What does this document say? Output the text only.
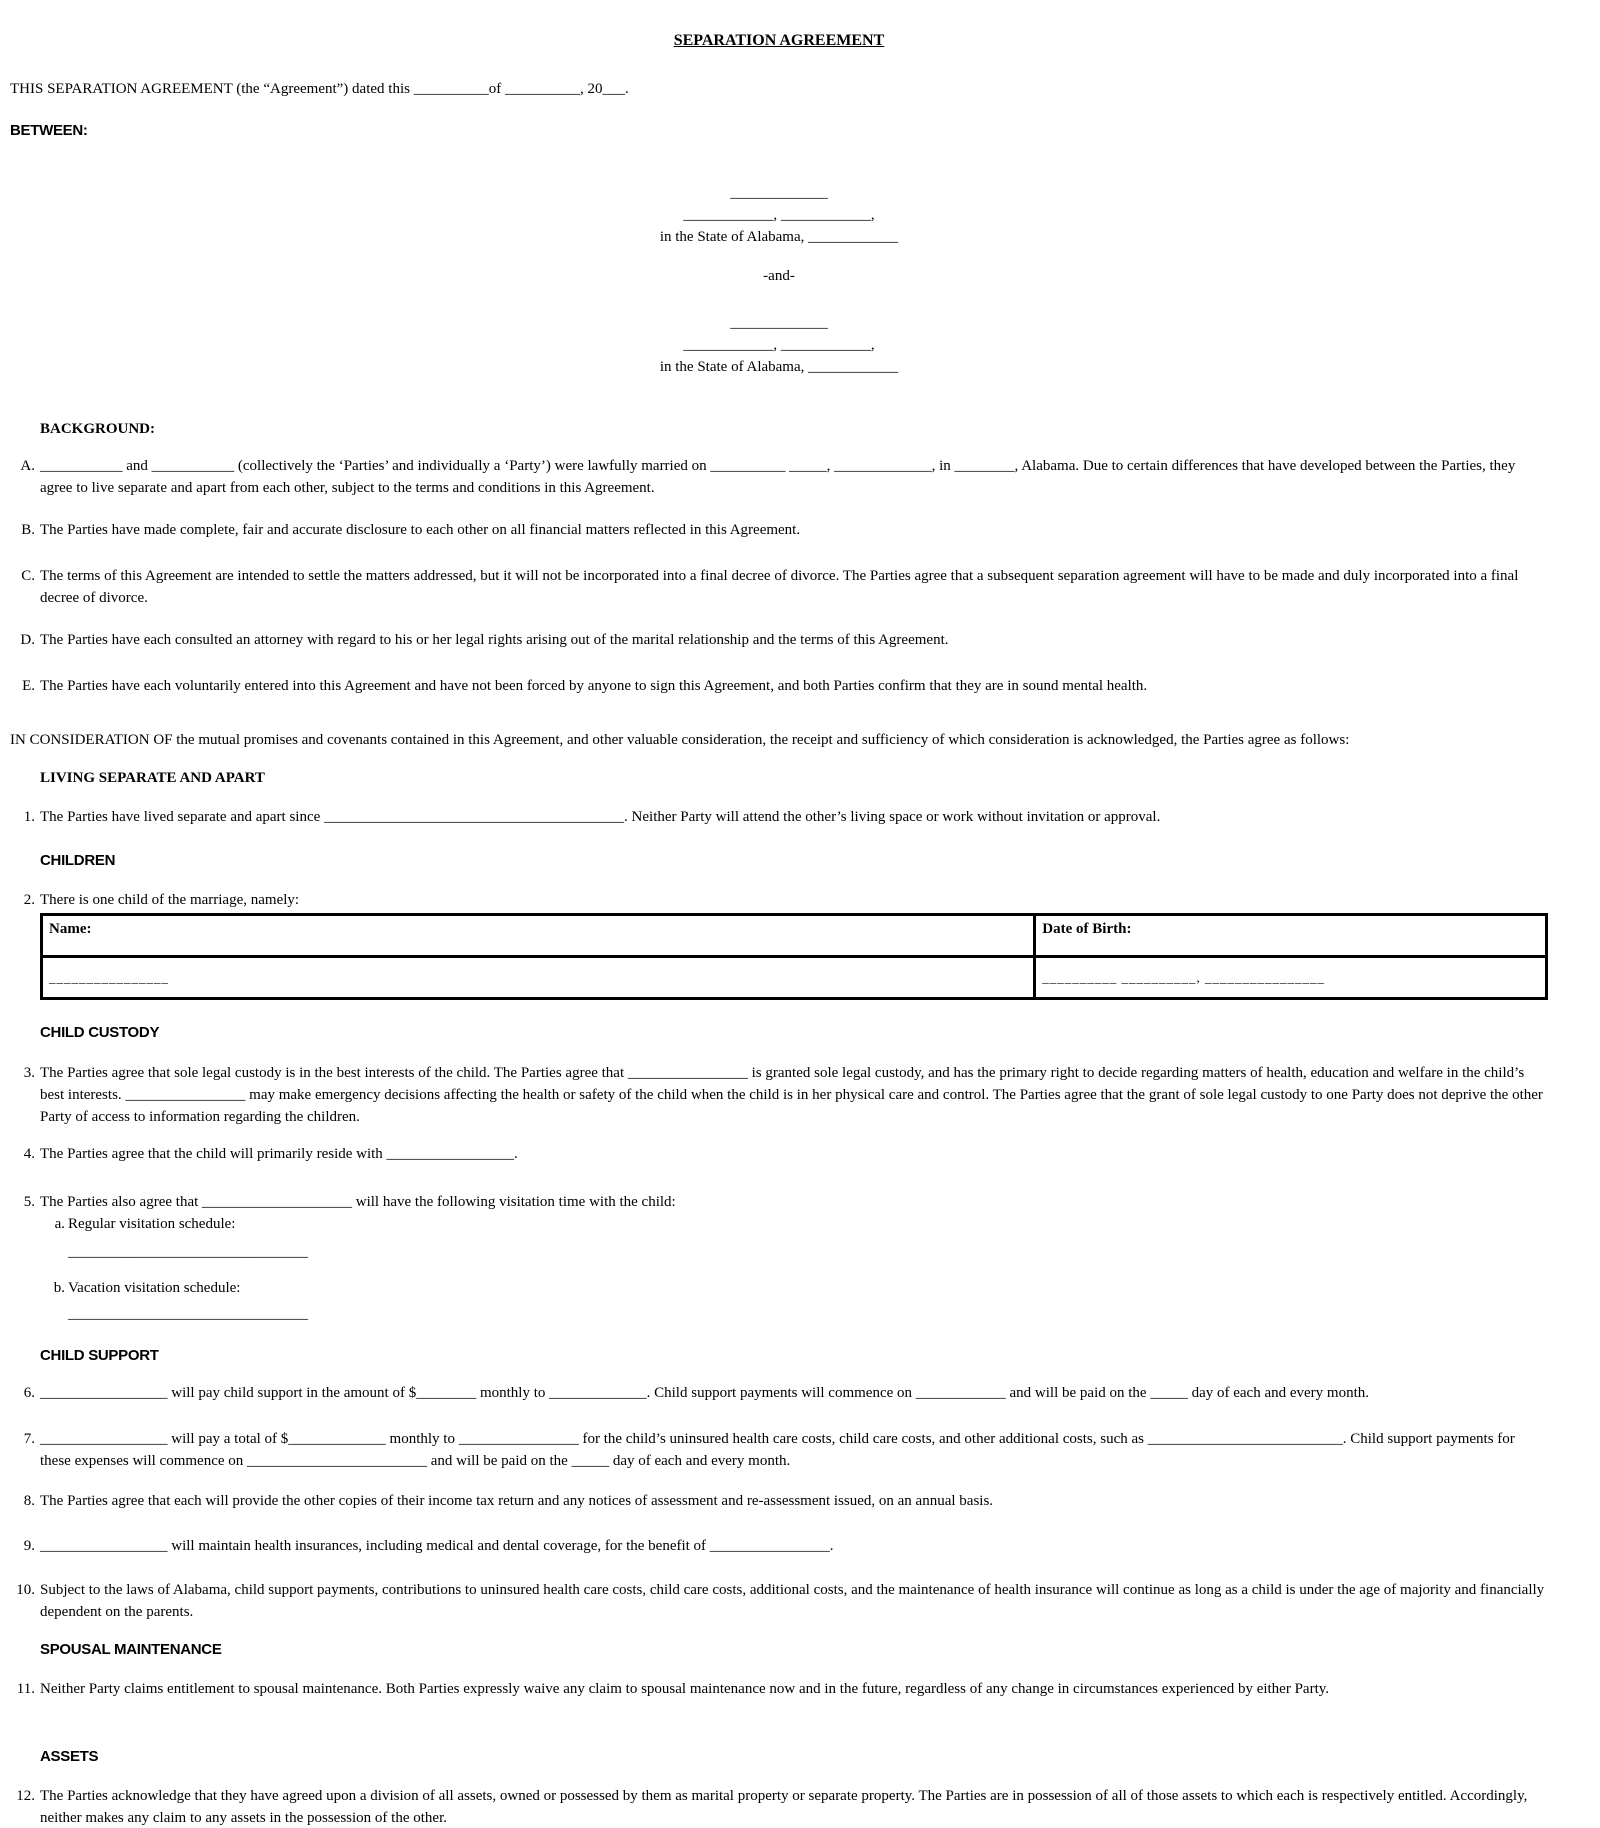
SEPARATION AGREEMENT

THIS SEPARATION AGREEMENT (the “Agreement”) dated this __________of __________, 20___.

BETWEEN:
_____________
____________, ____________,
in the State of Alabama, ____________
-and-
_____________
____________, ____________,
in the State of Alabama, ____________
BACKGROUND:
A. ___________ and ___________ (collectively the ‘Parties’ and individually a ‘Party’) were lawfully married on __________ _____, _____________, in ________, Alabama. Due to certain differences that have developed between the Parties, they agree to live separate and apart from each other, subject to the terms and conditions in this Agreement.
B. The Parties have made complete, fair and accurate disclosure to each other on all financial matters reflected in this Agreement.
C. The terms of this Agreement are intended to settle the matters addressed, but it will not be incorporated into a final decree of divorce. The Parties agree that a subsequent separation agreement will have to be made and duly incorporated into a final decree of divorce.
D. The Parties have each consulted an attorney with regard to his or her legal rights arising out of the marital relationship and the terms of this Agreement.
E. The Parties have each voluntarily entered into this Agreement and have not been forced by anyone to sign this Agreement, and both Parties confirm that they are in sound mental health.

IN CONSIDERATION OF the mutual promises and covenants contained in this Agreement, and other valuable consideration, the receipt and sufficiency of which consideration is acknowledged, the Parties agree as follows:

LIVING SEPARATE AND APART
1. The Parties have lived separate and apart since ________________________________________. Neither Party will attend the other’s living space or work without invitation or approval.
CHILDREN
2. There is one child of the marriage, namely:
Name:	Date of Birth:
________________	__________ __________, ________________
CHILD CUSTODY
3. The Parties agree that sole legal custody is in the best interests of the child. The Parties agree that ________________ is granted sole legal custody, and has the primary right to decide regarding matters of health, education and welfare in the child’s best interests. ________________ may make emergency decisions affecting the health or safety of the child when the child is in her physical care and control. The Parties agree that the grant of sole legal custody to one Party does not deprive the other Party of access to information regarding the children.
4. The Parties agree that the child will primarily reside with _________________.
5. The Parties also agree that ____________________ will have the following visitation time with the child:
a. Regular visitation schedule:
________________________________
b. Vacation visitation schedule:
________________________________
CHILD SUPPORT
6. _________________ will pay child support in the amount of $________ monthly to _____________. Child support payments will commence on ____________ and will be paid on the _____ day of each and every month.
7. _________________ will pay a total of $_____________ monthly to ________________ for the child’s uninsured health care costs, child care costs, and other additional costs, such as __________________________. Child support payments for these expenses will commence on ________________________ and will be paid on the _____ day of each and every month.
8. The Parties agree that each will provide the other copies of their income tax return and any notices of assessment and re-assessment issued, on an annual basis.
9. _________________ will maintain health insurances, including medical and dental coverage, for the benefit of ________________.
10. Subject to the laws of Alabama, child support payments, contributions to uninsured health care costs, child care costs, additional costs, and the maintenance of health insurance will continue as long as a child is under the age of majority and financially dependent on the parents.
SPOUSAL MAINTENANCE
11. Neither Party claims entitlement to spousal maintenance. Both Parties expressly waive any claim to spousal maintenance now and in the future, regardless of any change in circumstances experienced by either Party.
ASSETS
12. The Parties acknowledge that they have agreed upon a division of all assets, owned or possessed by them as marital property or separate property. The Parties are in possession of all of those assets to which each is respectively entitled. Accordingly, neither makes any claim to any assets in the possession of the other.
